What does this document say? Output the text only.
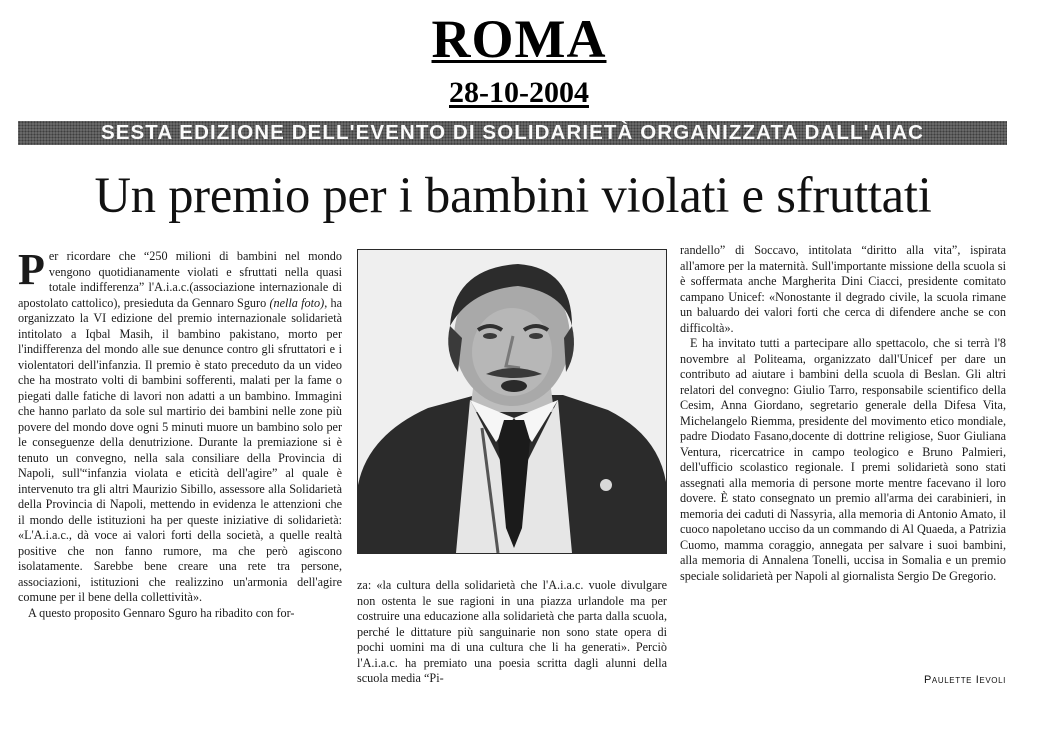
ROMA
28-10-2004
SESTA EDIZIONE DELL'EVENTO DI SOLIDARIETÀ ORGANIZZATA DALL'AIAC
Un premio per i bambini violati e sfruttati

Per ricordare che “250 milioni di bambini nel mondo vengono quotidianamente violati e sfruttati nella quasi totale indifferenza” l'A.i.a.c.(associazione internazionale di apostolato cattolico), presieduta da Gennaro Sguro (nella foto), ha organizzato la VI edizione del premio internazionale solidarietà intitolato a Iqbal Masih, il bambino pakistano, morto per l'indifferenza del mondo alle sue denunce contro gli sfruttatori e i violentatori dell'infanzia. Il premio è stato preceduto da un video che ha mostrato volti di bambini sofferenti, malati per la fame o piegati dalle fatiche di lavori non adatti a un bambino. Immagini che hanno parlato da sole sul martirio dei bambini nelle zone più povere del mondo dove ogni 5 minuti muore un bambino solo per le conseguenze della denutrizione. Durante la premiazione si è tenuto un convegno, nella sala consiliare della Provincia di Napoli, sull'“infanzia violata e eticità dell'agire” al quale è intervenuto tra gli altri Maurizio Sibillo, assessore alla Solidarietà della Provincia di Napoli, mettendo in evidenza le attenzioni che il mondo delle istituzioni ha per queste iniziative di solidarietà: «L'A.i.a.c., dà voce ai valori forti della società, a quelle realtà positive che non fanno rumore, ma che però agiscono isolatamente. Sarebbe bene creare una rete tra persone, associazioni, istituzioni che realizzino un'armonia dell'agire comune per il bene della collettività».

A questo proposito Gennaro Sguro ha ribadito con for-

za: «la cultura della solidarietà che l'A.i.a.c. vuole divulgare non ostenta le sue ragioni in una piazza urlandole ma per costruire una educazione alla solidarietà che parta dalla scuola, perché le dittature più sanguinarie non sono state opera di pochi uomini ma di una cultura che li ha generati». Perciò l'A.i.a.c. ha premiato una poesia scritta dagli alunni della scuola media “Pi-

randello” di Soccavo, intitolata “diritto alla vita”, ispirata all'amore per la maternità. Sull'importante missione della scuola si è soffermata anche Margherita Dini Ciacci, presidente comitato campano Unicef: «Nonostante il degrado civile, la scuola rimane un baluardo dei valori forti che cerca di difendere anche se con difficoltà».

E ha invitato tutti a partecipare allo spettacolo, che si terrà l'8 novembre al Politeama, organizzato dall'Unicef per dare un contributo ad aiutare i bambini della scuola di Beslan. Gli altri relatori del convegno: Giulio Tarro, responsabile scientifico della Cesim, Anna Giordano, segretario generale della Difesa Vita, Michelangelo Riemma, presidente del movimento etico mondiale, padre Diodato Fasano,docente di dottrine religiose, Suor Giuliana Ventura, ricercatrice in campo teologico e Bruno Palmieri, dell'ufficio scolastico regionale. I premi solidarietà sono stati assegnati alla memoria di persone morte mentre facevano il loro dovere. È stato consegnato un premio all'arma dei carabinieri, in memoria dei caduti di Nassyria, alla memoria di Antonio Amato, il cuoco napoletano ucciso da un commando di Al Quaeda, a Patrizia Cuomo, mamma coraggio, annegata per salvare i suoi bambini, alla memoria di Annalena Tonelli, uccisa in Somalia e un premio speciale solidarietà per Napoli al giornalista Sergio De Gregorio.

Paulette Ievoli
